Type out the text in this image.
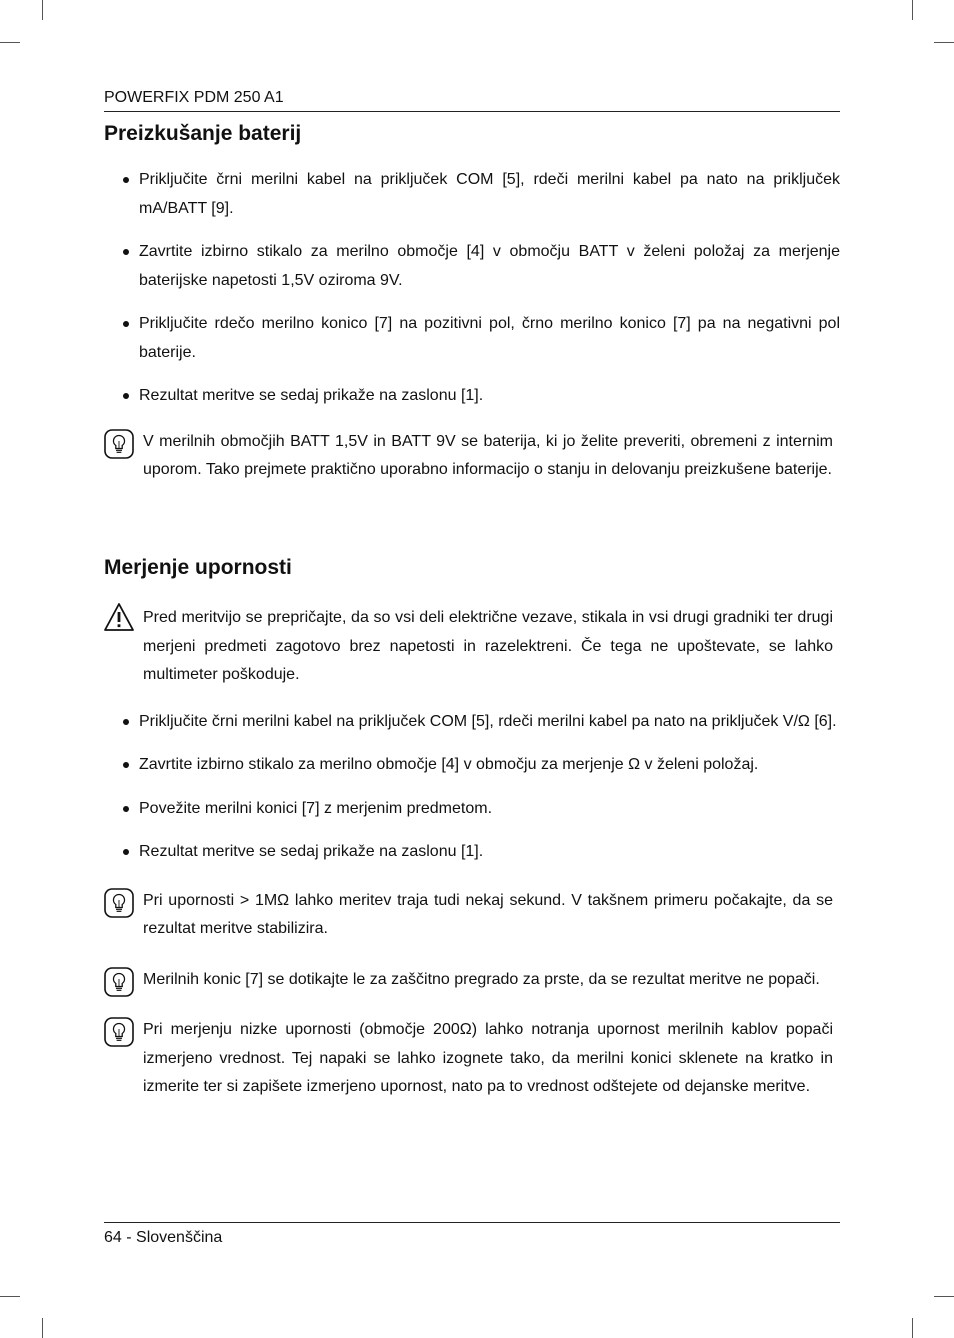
POWERFIX PDM 250 A1
Preizkušanje baterij
Priključite črni merilni kabel na priključek COM [5], rdeči merilni kabel pa nato na priključek mA/BATT [9].
Zavrtite izbirno stikalo za merilno območje [4] v območju BATT v želeni položaj za merjenje baterijske napetosti 1,5V oziroma 9V.
Priključite rdečo merilno konico [7] na pozitivni pol, črno merilno konico [7] pa na negativni pol baterije.
Rezultat meritve se sedaj prikaže na zaslonu [1].
V merilnih območjih BATT 1,5V in BATT 9V se baterija, ki jo želite preveriti, obremeni z internim uporom. Tako prejmete praktično uporabno informacijo o stanju in delovanju preizkušene baterije.
Merjenje upornosti
Pred meritvijo se prepričajte, da so vsi deli električne vezave, stikala in vsi drugi gradniki ter drugi merjeni predmeti zagotovo brez napetosti in razelektreni. Če tega ne upoštevate, se lahko multimeter poškoduje.
Priključite črni merilni kabel na priključek COM [5], rdeči merilni kabel pa nato na priključek V/Ω [6].
Zavrtite izbirno stikalo za merilno območje [4] v območju za merjenje Ω v želeni položaj.
Povežite merilni konici [7] z merjenim predmetom.
Rezultat meritve se sedaj prikaže na zaslonu [1].
Pri upornosti > 1MΩ lahko meritev traja tudi nekaj sekund. V takšnem primeru počakajte, da se rezultat meritve stabilizira.
Merilnih konic [7] se dotikajte le za zaščitno pregrado za prste, da se rezultat meritve ne popači.
Pri merjenju nizke upornosti (območje 200Ω) lahko notranja upornost merilnih kablov popači izmerjeno vrednost. Tej napaki se lahko izognete tako, da merilni konici sklenete na kratko in izmerite ter si zapišete izmerjeno upornost, nato pa to vrednost odštejete od dejanske meritve.
64 - Slovenščina
